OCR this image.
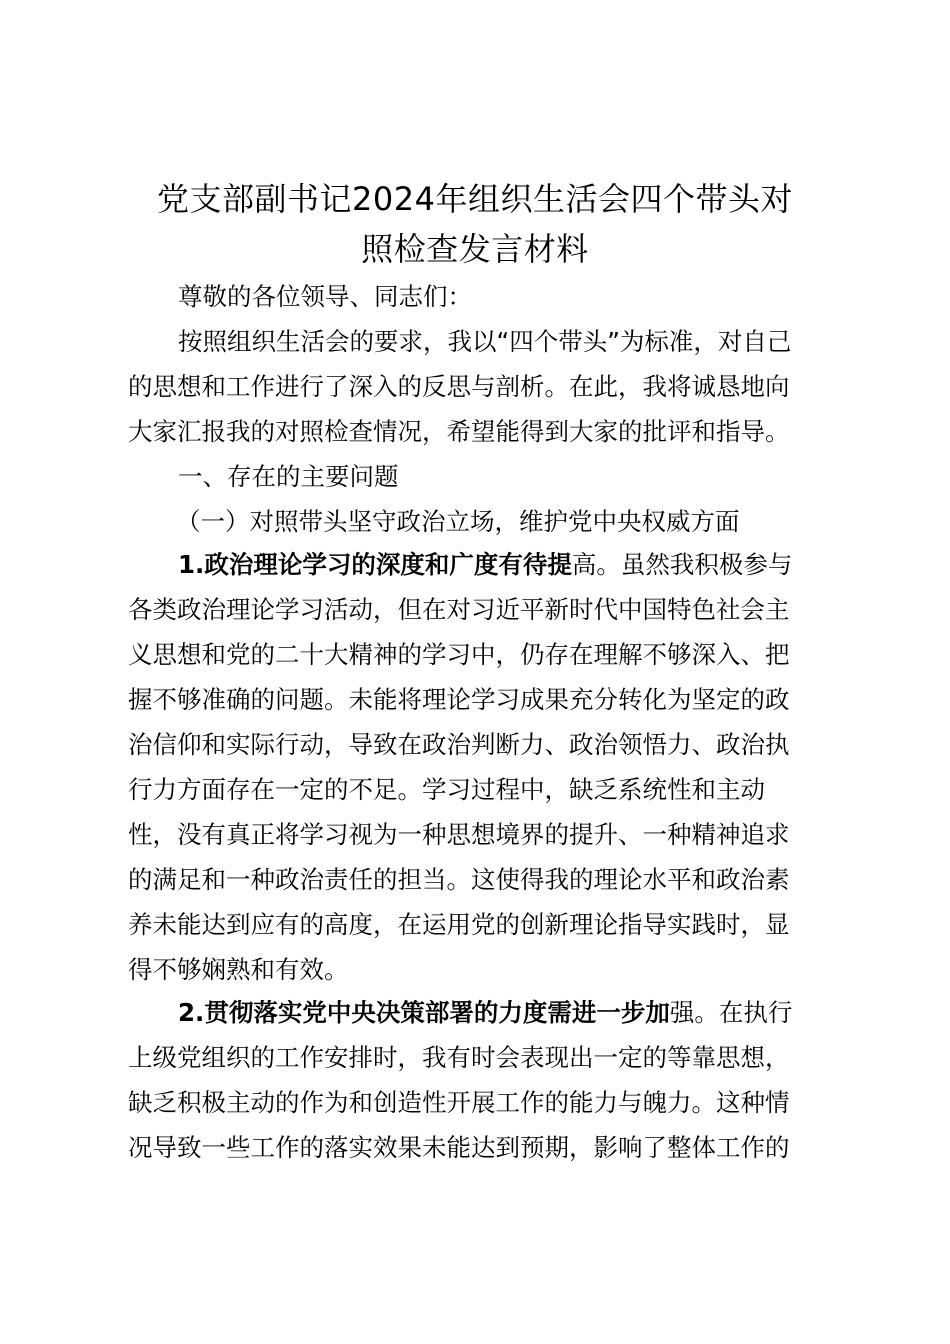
党支部副书记2024年组织生活会四个带头对
照检查发言材料

尊敬的各位领导、同志们：

按照组织生活会的要求，我以“四个带头”为标准，对自己

的思想和工作进行了深入的反思与剖析。在此，我将诚恳地向

大家汇报我的对照检查情况，希望能得到大家的批评和指导。

一、存在的主要问题

（一）对照带头坚守政治立场，维护党中央权威方面

1.政治理论学习的深度和广度有待提高。虽然我积极参与

各类政治理论学习活动，但在对习近平新时代中国特色社会主

义思想和党的二十大精神的学习中，仍存在理解不够深入、把

握不够准确的问题。未能将理论学习成果充分转化为坚定的政

治信仰和实际行动，导致在政治判断力、政治领悟力、政治执

行力方面存在一定的不足。学习过程中，缺乏系统性和主动

性，没有真正将学习视为一种思想境界的提升、一种精神追求

的满足和一种政治责任的担当。这使得我的理论水平和政治素

养未能达到应有的高度，在运用党的创新理论指导实践时，显

得不够娴熟和有效。

2.贯彻落实党中央决策部署的力度需进一步加强。在执行

上级党组织的工作安排时，我有时会表现出一定的等靠思想，

缺乏积极主动的作为和创造性开展工作的能力与魄力。这种情

况导致一些工作的落实效果未能达到预期，影响了整体工作的
